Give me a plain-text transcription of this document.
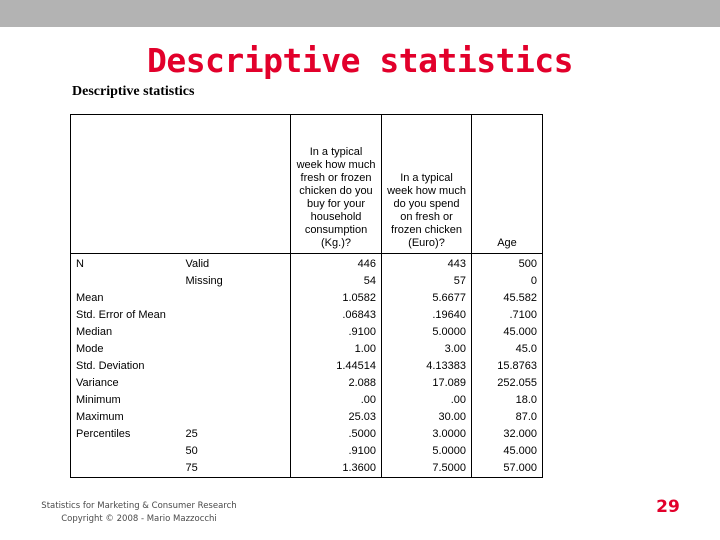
Descriptive statistics
Descriptive statistics
		In a typical week how much fresh or frozen chicken do you buy for your household consumption (Kg.)?	In a typical week how much do you spend on fresh or frozen chicken (Euro)?	Age
N	Valid	446	443	500
	Missing	54	57	0
Mean		1.0582	5.6677	45.582
Std. Error of Mean		.06843	.19640	.7100
Median		.9100	5.0000	45.000
Mode		1.00	3.00	45.0
Std. Deviation		1.44514	4.13383	15.8763
Variance		2.088	17.089	252.055
Minimum		.00	.00	18.0
Maximum		25.03	30.00	87.0
Percentiles	25	.5000	3.0000	32.000
	50	.9100	5.0000	45.000
	75	1.3600	7.5000	57.000
Statistics for Marketing & Consumer Research
Copyright © 2008 - Mario Mazzocchi
29
